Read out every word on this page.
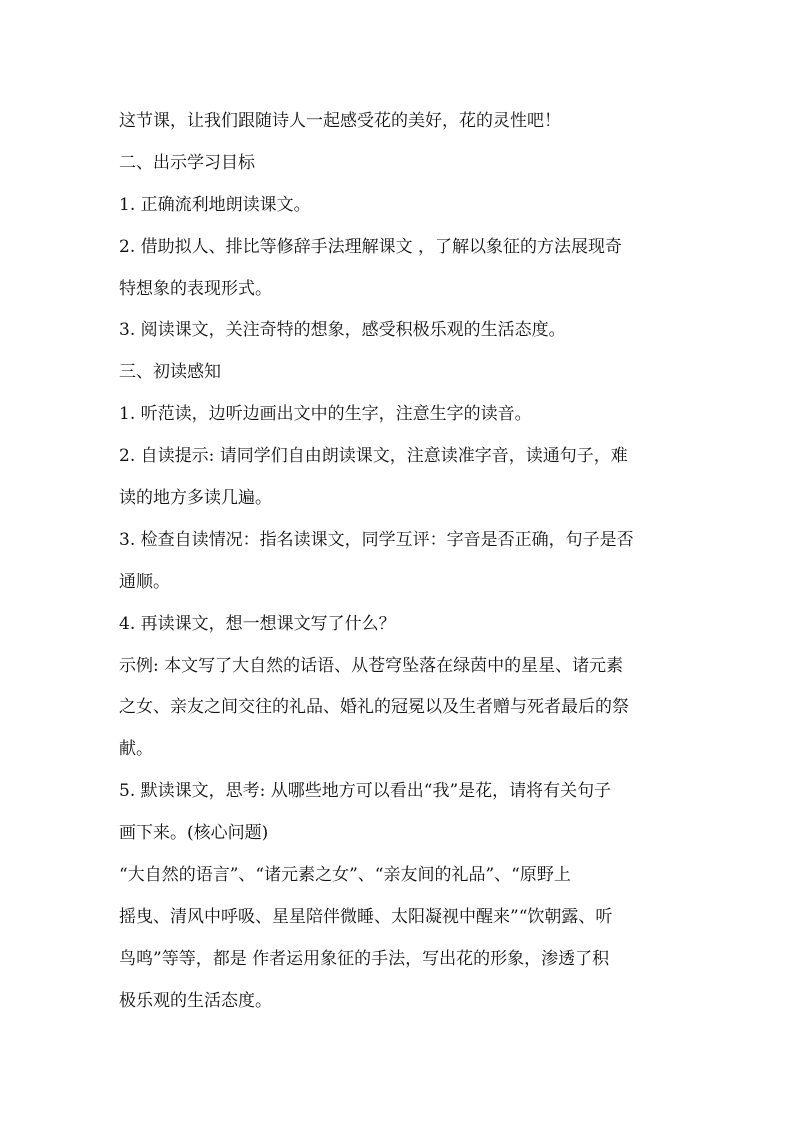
这节课，让我们跟随诗人一起感受花的美好，花的灵性吧！
二、出示学习目标
1. 正确流利地朗读课文。
2. 借助拟人、排比等修辞手法理解课文 ，了解以象征的方法展现奇
特想象的表现形式。
3. 阅读课文，关注奇特的想象，感受积极乐观的生活态度。
三、初读感知
1. 听范读，边听边画出文中的生字，注意生字的读音。
2. 自读提示: 请同学们自由朗读课文，注意读准字音，读通句子，难
读的地方多读几遍。
3. 检查自读情况：指名读课文，同学互评：字音是否正确，句子是否
通顺。
4. 再读课文，想一想课文写了什么？
示例: 本文写了大自然的话语、从苍穹坠落在绿茵中的星星、诸元素
之女、亲友之间交往的礼品、婚礼的冠冕以及生者赠与死者最后的祭
献。
5. 默读课文，思考: 从哪些地方可以看出“我”是花，请将有关句子
画下来。(核心问题)
“大自然的语言”、“诸元素之女”、“亲友间的礼品”、“原野上
摇曳、清风中呼吸、星星陪伴微睡、太阳凝视中醒来”“饮朝露、听
鸟鸣”等等，都是 作者运用象征的手法，写出花的形象，渗透了积
极乐观的生活态度。
